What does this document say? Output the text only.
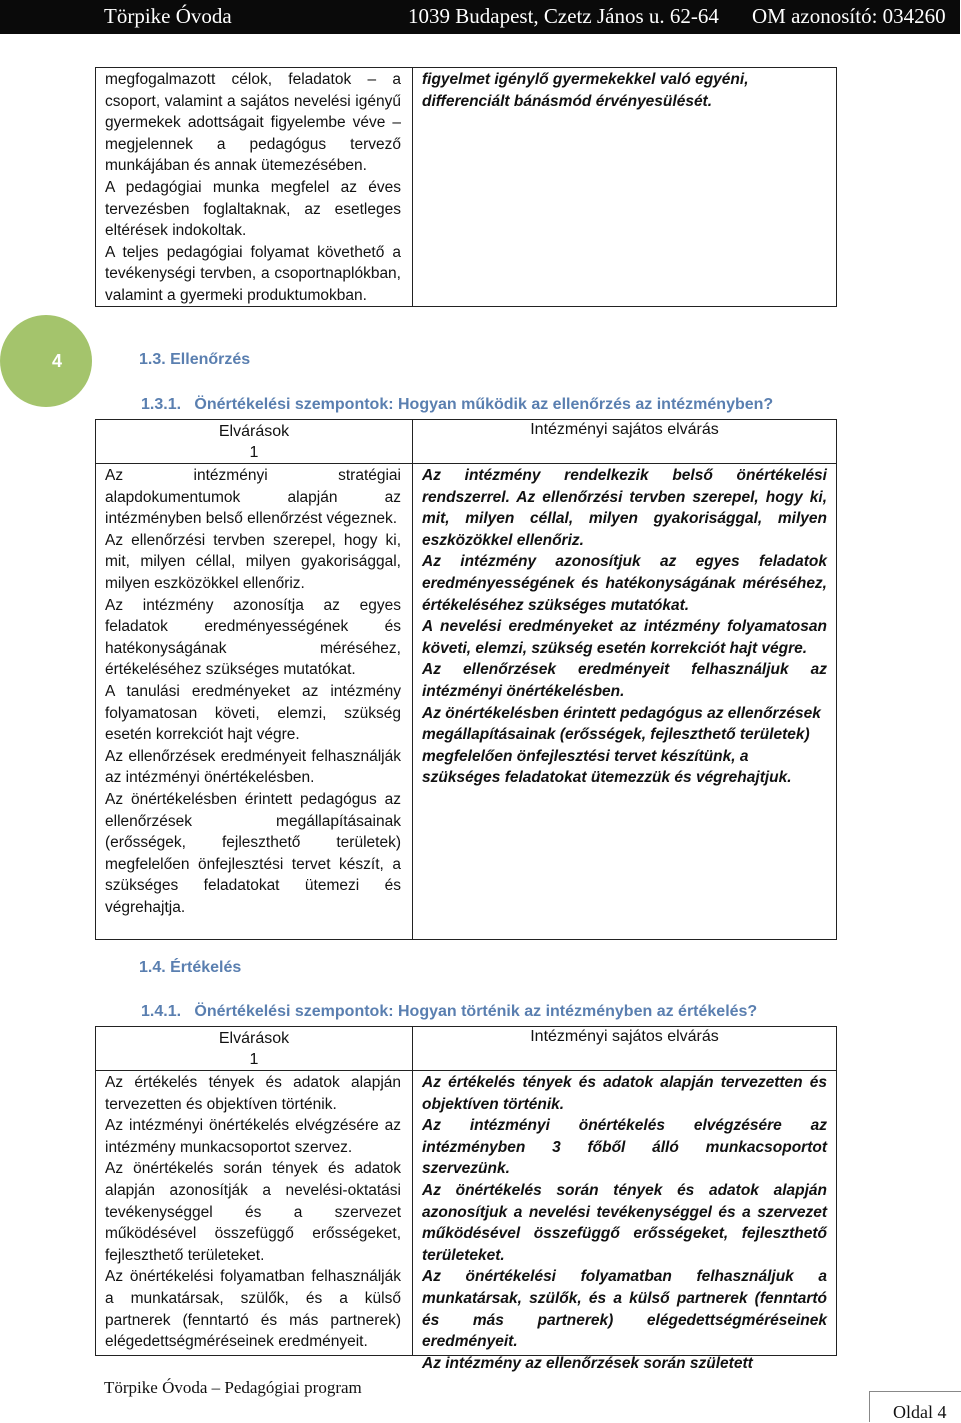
Törpike Óvoda	1039 Budapest, Czetz János u. 62-64 OM azonosító: 034260

megfogalmazott célok, feladatok – a csoport, valamint a sajátos nevelési igényű gyermekek adottságait figyelembe véve – megjelennek a pedagógus tervező munkájában és annak ütemezésében.

A pedagógiai munka megfelel az éves tervezésben foglaltaknak, az esetleges eltérések indokoltak.

A teljes pedagógiai folyamat követhető a tevékenységi tervben, a csoportnaplókban, valamint a gyermeki produktumokban.

figyelmet igénylő gyermekekkel való egyéni, differenciált bánásmód érvényesülését.

4	1.3. Ellenőrzés
1.3.1.   Önértékelési szempontok: Hogyan működik az ellenőrzés az intézményben?
Elvárások
1
Intézményi sajátos elvárás

Az intézményi stratégiai alapdokumentumok alapján az intézményben belső ellenőrzést végeznek.

Az ellenőrzési tervben szerepel, hogy ki, mit, milyen céllal, milyen gyakorisággal, milyen eszközökkel ellenőriz.

Az intézmény azonosítja az egyes feladatok eredményességének és hatékonyságának méréséhez, értékeléséhez szükséges mutatókat.

A tanulási eredményeket az intézmény folyamatosan követi, elemzi, szükség esetén korrekciót hajt végre.

Az ellenőrzések eredményeit felhasználják az intézményi önértékelésben.

Az önértékelésben érintett pedagógus az ellenőrzések megállapításainak (erősségek, fejleszthető területek) megfelelően önfejlesztési tervet készít, a szükséges feladatokat ütemezi és végrehajtja.

Az intézmény rendelkezik belső önértékelési rendszerrel. Az ellenőrzési tervben szerepel, hogy ki, mit, milyen céllal, milyen gyakorisággal, milyen eszközökkel ellenőriz.

Az intézmény azonosítjuk az egyes feladatok eredményességének és hatékonyságának méréséhez, értékeléséhez szükséges mutatókat.

A nevelési eredményeket az intézmény folyamatosan követi, elemzi, szükség esetén korrekciót hajt végre.

Az ellenőrzések eredményeit felhasználjuk az intézményi önértékelésben.

Az önértékelésben érintett pedagógus az ellenőrzések megállapításainak (erősségek, fejleszthető területek) megfelelően önfejlesztési tervet készítünk, a szükséges feladatokat ütemezzük és végrehajtjuk.

1.4. Értékelés
1.4.1.   Önértékelési szempontok: Hogyan történik az intézményben az értékelés?
Elvárások
1
Intézményi sajátos elvárás

Az értékelés tények és adatok alapján tervezetten és objektíven történik.

Az intézményi önértékelés elvégzésére az intézmény munkacsoportot szervez.

Az önértékelés során tények és adatok alapján azonosítják a nevelési-oktatási tevékenységgel és a szervezet működésével összefüggő erősségeket, fejleszthető területeket.

Az önértékelési folyamatban felhasználják a munkatársak, szülők, és a külső partnerek (fenntartó és más partnerek) elégedettségméréseinek eredményeit.

Az értékelés tények és adatok alapján tervezetten és objektíven történik.

Az intézményi önértékelés elvégzésére az intézményben 3 főből álló munkacsoportot szervezünk.

Az önértékelés során tények és adatok alapján azonosítjuk a nevelési tevékenységgel és a szervezet működésével összefüggő erősségeket, fejleszthető területeket.

Az önértékelési folyamatban felhasználjuk a munkatársak, szülők, és a külső partnerek (fenntartó és más partnerek) elégedettségméréseinek eredményeit.

Az intézmény az ellenőrzések során született

Törpike Óvoda – Pedagógiai program
Oldal 4
